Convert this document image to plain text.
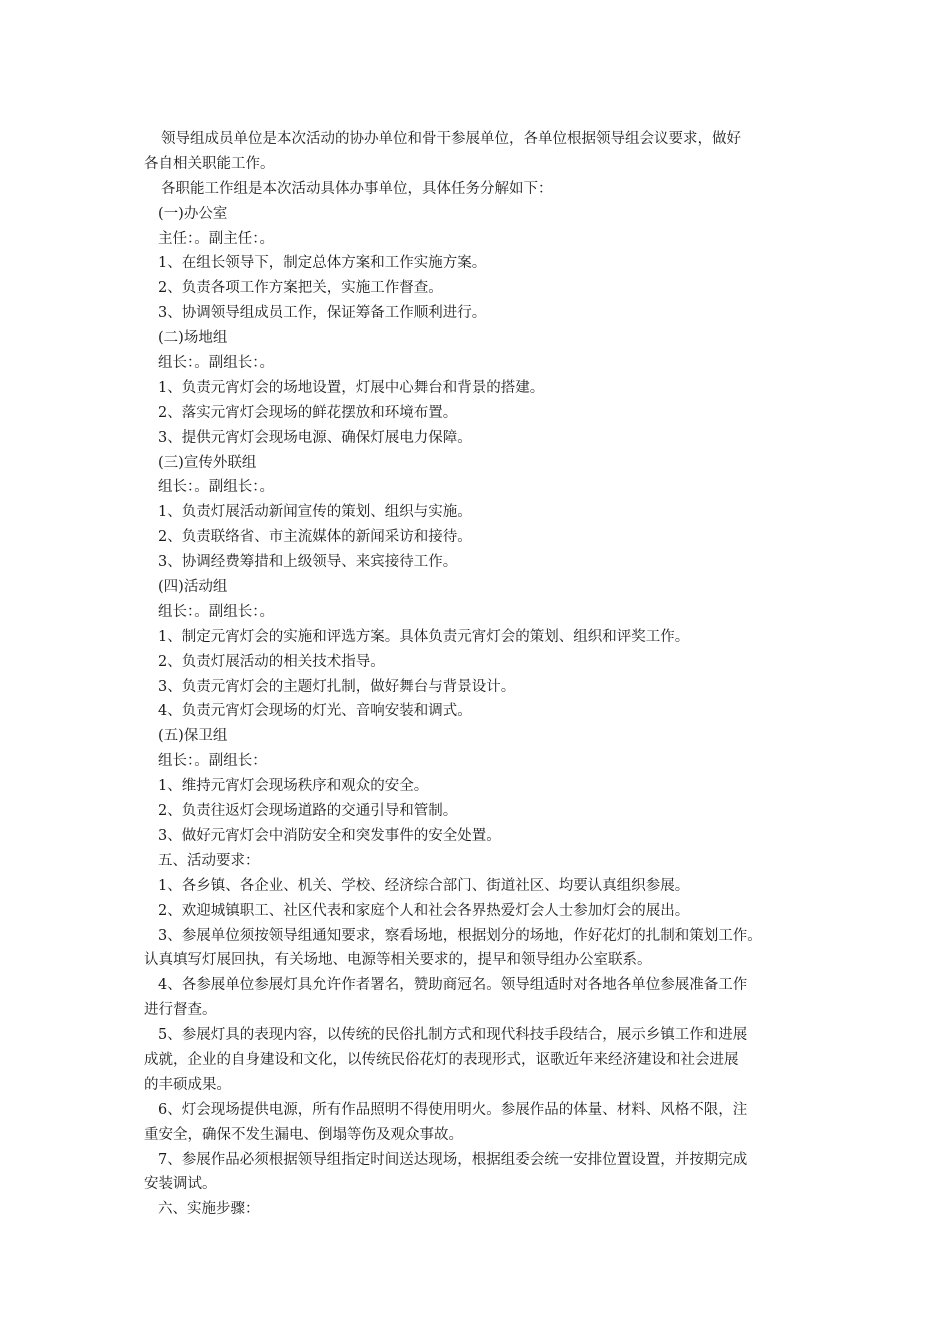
领导组成员单位是本次活动的协办单位和骨干参展单位，各单位根据领导组会议要求，做好
各自相关职能工作。
各职能工作组是本次活动具体办事单位，具体任务分解如下：
(一)办公室
主任：。副主任：。
1、在组长领导下，制定总体方案和工作实施方案。
2、负责各项工作方案把关，实施工作督查。
3、协调领导组成员工作，保证筹备工作顺利进行。
(二)场地组
组长：。副组长：。
1、负责元宵灯会的场地设置，灯展中心舞台和背景的搭建。
2、落实元宵灯会现场的鲜花摆放和环境布置。
3、提供元宵灯会现场电源、确保灯展电力保障。
(三)宣传外联组
组长：。副组长：。
1、负责灯展活动新闻宣传的策划、组织与实施。
2、负责联络省、市主流媒体的新闻采访和接待。
3、协调经费筹措和上级领导、来宾接待工作。
(四)活动组
组长：。副组长：。
1、制定元宵灯会的实施和评选方案。具体负责元宵灯会的策划、组织和评奖工作。
2、负责灯展活动的相关技术指导。
3、负责元宵灯会的主题灯扎制，做好舞台与背景设计。
4、负责元宵灯会现场的灯光、音响安装和调式。
(五)保卫组
组长：。副组长：
1、维持元宵灯会现场秩序和观众的安全。
2、负责往返灯会现场道路的交通引导和管制。
3、做好元宵灯会中消防安全和突发事件的安全处置。
五、活动要求：
1、各乡镇、各企业、机关、学校、经济综合部门、街道社区、均要认真组织参展。
2、欢迎城镇职工、社区代表和家庭个人和社会各界热爱灯会人士参加灯会的展出。
3、参展单位须按领导组通知要求，察看场地，根据划分的场地，作好花灯的扎制和策划工作。
认真填写灯展回执，有关场地、电源等相关要求的，提早和领导组办公室联系。
4、各参展单位参展灯具允许作者署名，赞助商冠名。领导组适时对各地各单位参展准备工作
进行督查。
5、参展灯具的表现内容，以传统的民俗扎制方式和现代科技手段结合，展示乡镇工作和进展
成就，企业的自身建设和文化，以传统民俗花灯的表现形式，讴歌近年来经济建设和社会进展
的丰硕成果。
6、灯会现场提供电源，所有作品照明不得使用明火。参展作品的体量、材料、风格不限，注
重安全，确保不发生漏电、倒塌等伤及观众事故。
7、参展作品必须根据领导组指定时间送达现场，根据组委会统一安排位置设置，并按期完成
安装调试。
六、实施步骤：
